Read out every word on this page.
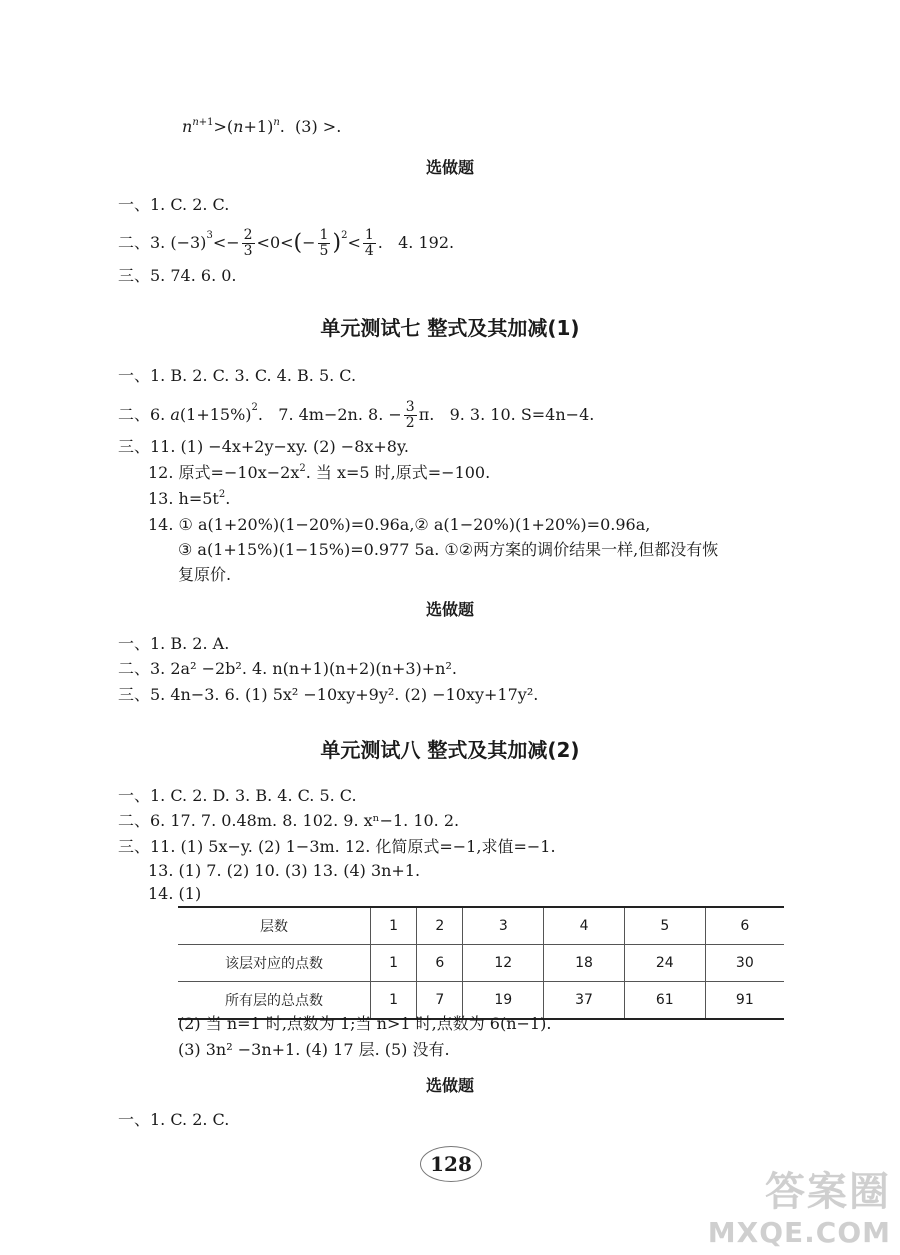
$n^{n+1}>(n+1)^n$.  (3) >.
选做题
一、1. C. 2. C.
二、3. $(-3)^3<- \frac{2}{3} <0<(- \frac{1}{5} )^2< \frac{1}{4}$ .   4. 192.
三、5. 74. 6. 0.
单元测试七 整式及其加减(1)
一、1. B. 2. C. 3. C. 4. B. 5. C.
二、6. $a(1+15\%)^2$.   7. 4m−2n. 8. − $\frac{3}{2} \pi$.   9. 3. 10. S=4n−4.
三、11. (1) −4x+2y−xy. (2) −8x+8y.
12. 原式$=-10x-2x^2$. 当 x=5 时,原式=−100.
13. $h=5t^2$.
14. ① a(1+20%)(1−20%)=0.96a,② a(1−20%)(1+20%)=0.96a,
③ a(1+15%)(1−15%)=0.977 5a. ①②两方案的调价结果一样,但都没有恢
复原价.
选做题
一、1. B. 2. A.
二、3. 2a² −2b². 4. n(n+1)(n+2)(n+3)+n².
三、5. 4n−3. 6. (1) 5x² −10xy+9y². (2) −10xy+17y².
单元测试八 整式及其加减(2)
一、1. C. 2. D. 3. B. 4. C. 5. C.
二、6. 17. 7. 0.48m. 8. 102. 9. xⁿ−1. 10. 2.
三、11. (1) 5x−y. (2) 1−3m. 12. 化简原式=−1,求值=−1.
13. (1) 7. (2) 10. (3) 13. (4) 3n+1.
14. (1)
层数	1	2	3	4	5	6
该层对应的点数	1	6	12	18	24	30
所有层的总点数	1	7	19	37	61	91
(2) 当 n=1 时,点数为 1;当 n>1 时,点数为 6(n−1).
(3) 3n² −3n+1. (4) 17 层. (5) 没有.
选做题
一、1. C. 2. C.
128
答案圈
MXQE.COM
